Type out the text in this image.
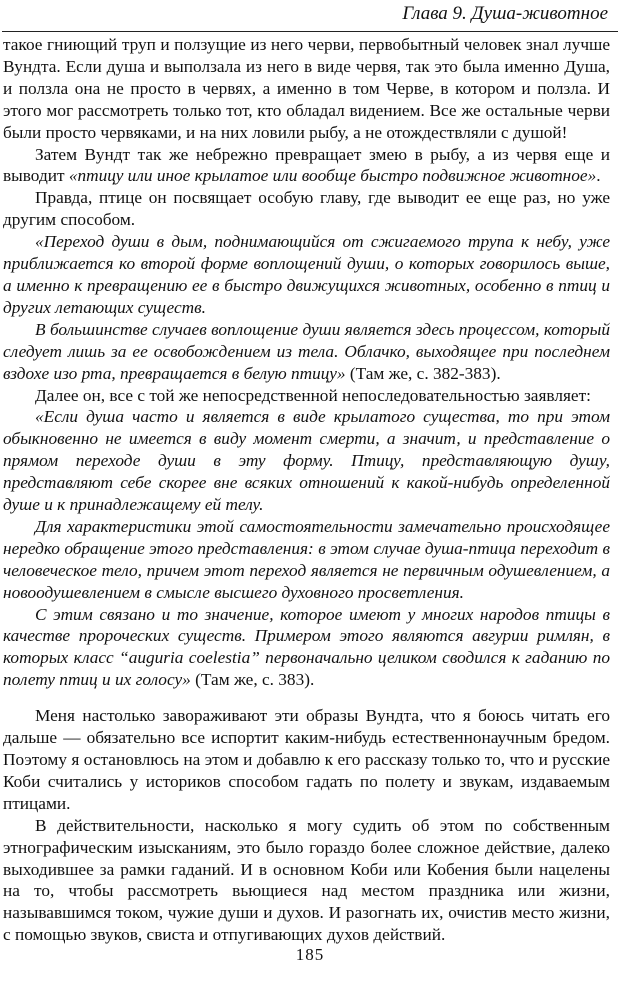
Глава 9. Душа-животное

такое гниющий труп и ползущие из него черви, первобытный человек знал лучше Вундта. Если душа и выползала из него в виде червя, так это была именно Душа, и ползла она не просто в червях, а именно в том Черве, в котором и ползла. И этого мог рассмотреть только тот, кто обладал видением. Все же остальные черви были просто червяками, и на них ловили рыбу, а не отождествляли с душой!

Затем Вундт так же небрежно превращает змею в рыбу, а из червя еще и выводит «птицу или иное крылатое или вообще быстро подвижное животное».

Правда, птице он посвящает особую главу, где выводит ее еще раз, но уже другим способом.

«Переход души в дым, поднимающийся от сжигаемого трупа к небу, уже приближается ко второй форме воплощений души, о которых говорилось выше, а именно к превращению ее в быстро движущихся животных, особенно в птиц и других летающих существ.

В большинстве случаев воплощение души является здесь процессом, который следует лишь за ее освобождением из тела. Облачко, выходящее при последнем вздохе изо рта, превращается в белую птицу» (Там же, с. 382-383).

Далее он, все с той же непосредственной непоследовательностью заявляет:

«Если душа часто и является в виде крылатого существа, то при этом обыкновенно не имеется в виду момент смерти, а значит, и представление о прямом переходе души в эту форму. Птицу, представляющую душу, представляют себе скорее вне всяких отношений к какой-нибудь определенной душе и к принадлежащему ей телу.

Для характеристики этой самостоятельности замечательно происходящее нередко обращение этого представления: в этом случае душа-птица переходит в человеческое тело, причем этот переход является не первичным одушевлением, а новоодушевлением в смысле высшего духовного просветления.

С этим связано и то значение, которое имеют у многих народов птицы в качестве пророческих существ. Примером этого являются авгурии римлян, в которых класс “auguria coelestia” первоначально целиком сводился к гаданию по полету птиц и их голосу» (Там же, с. 383).

Меня настолько завораживают эти образы Вундта, что я боюсь читать его дальше — обязательно все испортит каким-нибудь естественнонаучным бредом. Поэтому я остановлюсь на этом и добавлю к его рассказу только то, что и русские Коби считались у историков способом гадать по полету и звукам, издаваемым птицами.

В действительности, насколько я могу судить об этом по собственным этнографическим изысканиям, это было гораздо более сложное действие, далеко выходившее за рамки гаданий. И в основном Коби или Кобения были нацелены на то, чтобы рассмотреть вьющиеся над местом праздника или жизни, называвшимся током, чужие души и духов. И разогнать их, очистив место жизни, с помощью звуков, свиста и отпугивающих духов действий.

185
